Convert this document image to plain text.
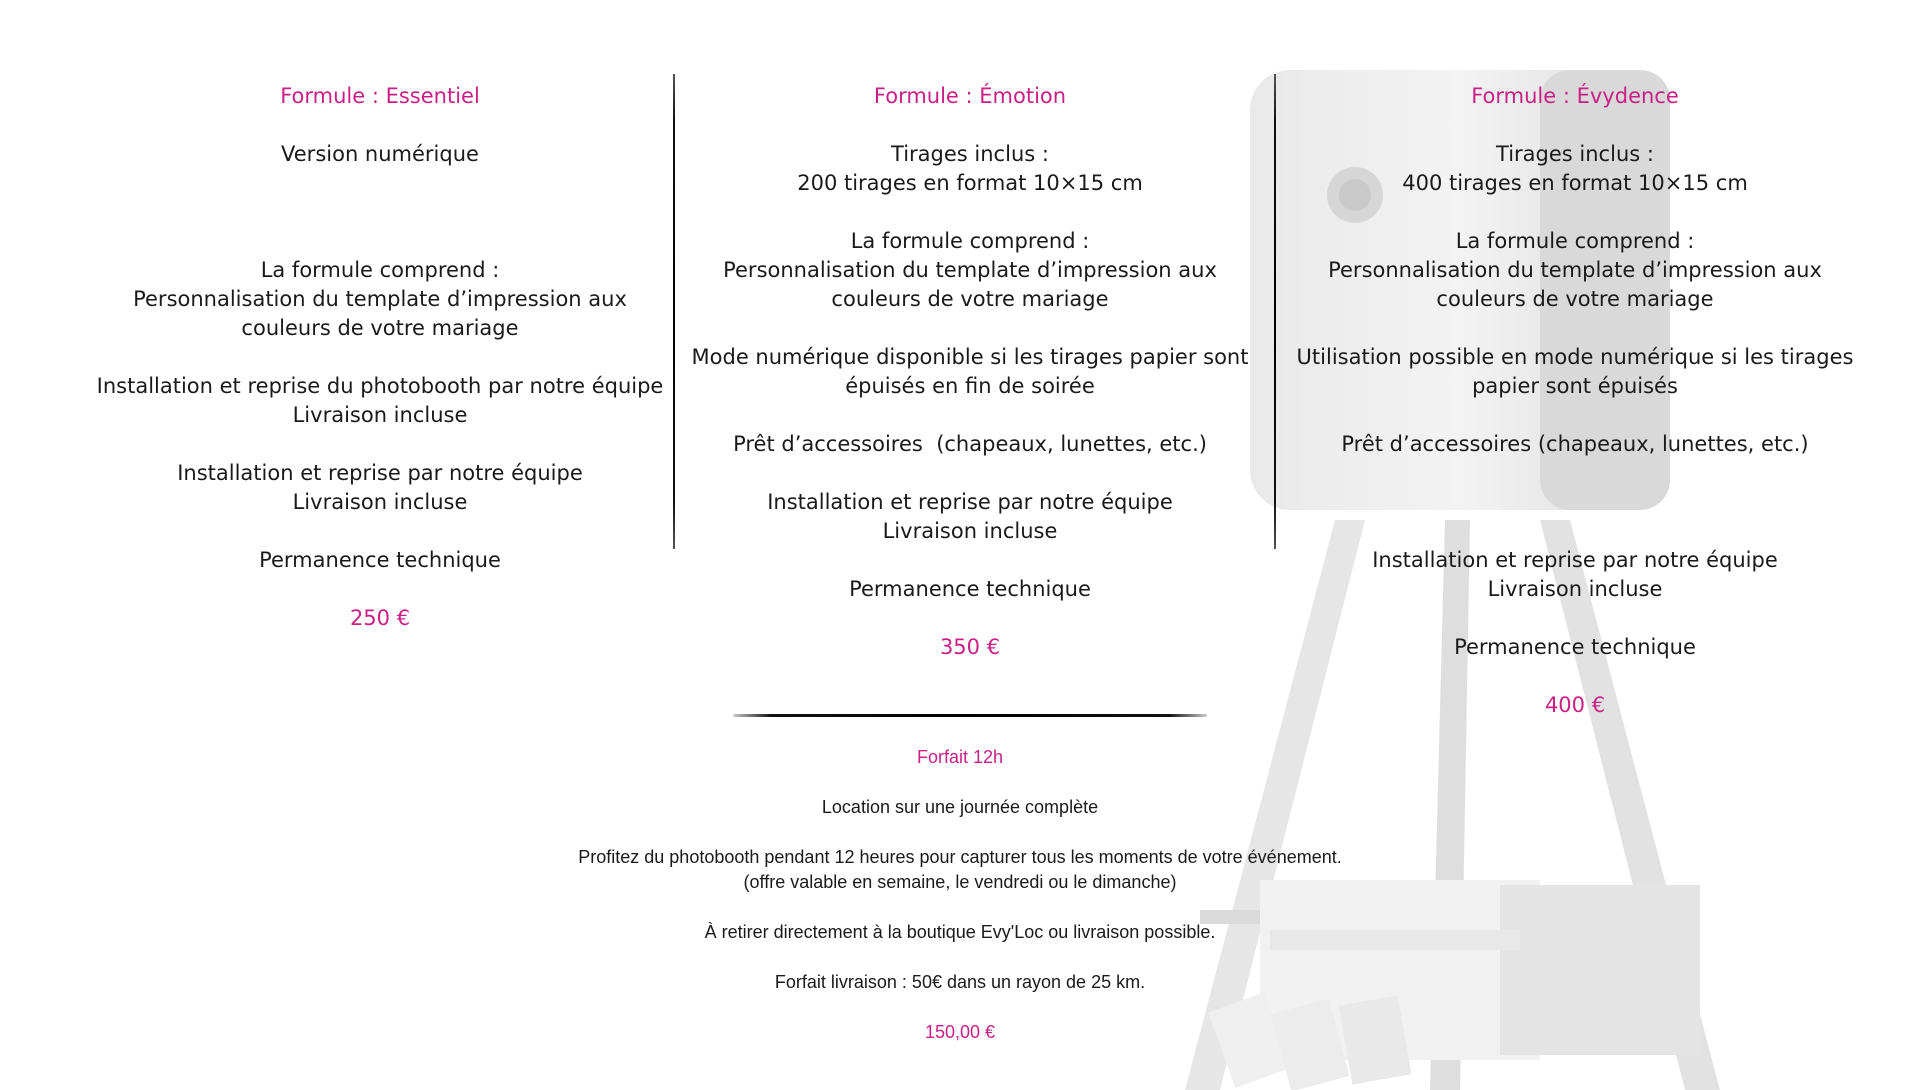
Formule : Essentiel

Version numérique

La formule comprend :
Personnalisation du template d’impression aux
couleurs de votre mariage

Installation et reprise du photobooth par notre équipe
Livraison incluse

Installation et reprise par notre équipe
Livraison incluse

Permanence technique

250 €

Formule : Émotion

Tirages inclus :
200 tirages en format 10×15 cm

La formule comprend :
Personnalisation du template d’impression aux
couleurs de votre mariage

Mode numérique disponible si les tirages papier sont
épuisés en fin de soirée

Prêt d’accessoires  (chapeaux, lunettes, etc.)

Installation et reprise par notre équipe
Livraison incluse

Permanence technique

350 €

Formule : Évydence

Tirages inclus :
400 tirages en format 10×15 cm

La formule comprend :
Personnalisation du template d’impression aux
couleurs de votre mariage

Utilisation possible en mode numérique si les tirages
papier sont épuisés

Prêt d’accessoires (chapeaux, lunettes, etc.)

Installation et reprise par notre équipe
Livraison incluse

Permanence technique

400 €

Forfait 12h

Location sur une journée complète

Profitez du photobooth pendant 12 heures pour capturer tous les moments de votre événement.
(offre valable en semaine, le vendredi ou le dimanche)

À retirer directement à la boutique Evy'Loc ou livraison possible.

Forfait livraison : 50€ dans un rayon de 25 km.

150,00 €
